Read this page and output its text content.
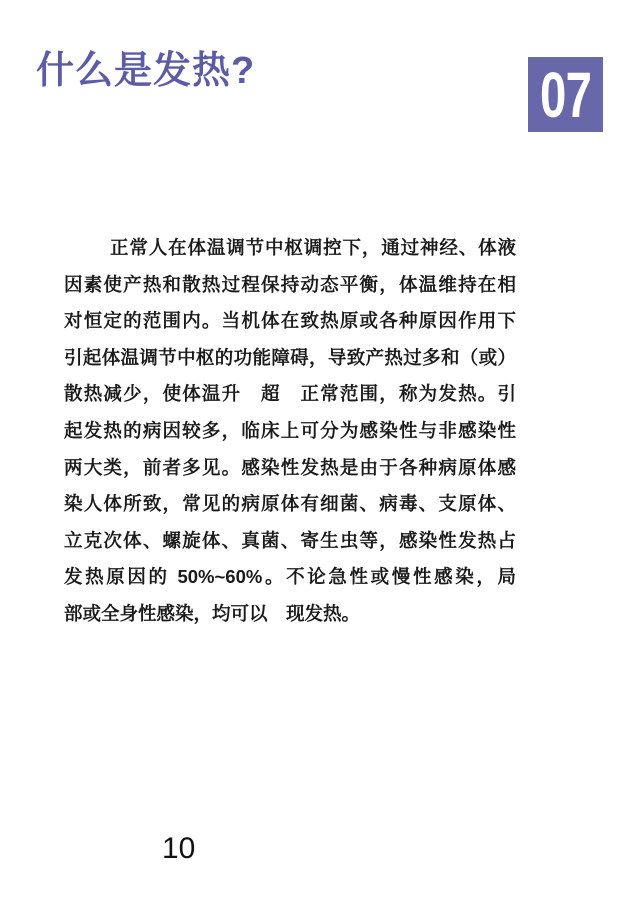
什么是发热?	07
正常人在体温调节中枢调控下，通过神经、体液
因素使产热和散热过程保持动态平衡，体温维持在相
对恒定的范围内。当机体在致热原或各种原因作用下
引起体温调节中枢的功能障碍，导致产热过多和（或）
散热减少，使体温升　超　正常范围，称为发热。引
起发热的病因较多，临床上可分为感染性与非感染性
两大类，前者多见。感染性发热是由于各种病原体感
染人体所致，常见的病原体有细菌、病毒、支原体、
立克次体、螺旋体、真菌、寄生虫等，感染性发热占
发热原因的 50%~60%。不论急性或慢性感染，局
部或全身性感染，均可以　现发热。
10
